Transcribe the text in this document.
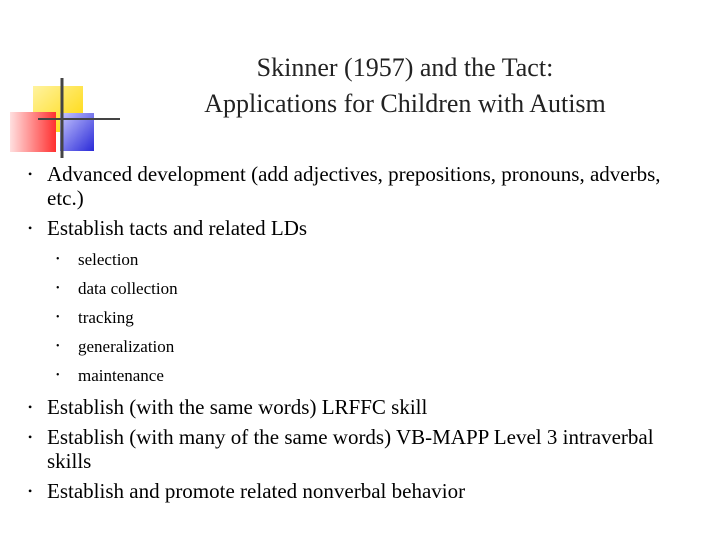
Skinner (1957) and the Tact:
Applications for Children with Autism
• Advanced development (add adjectives, prepositions, pronouns, adverbs, etc.)
• Establish tacts and related LDs
• selection
• data collection
• tracking
• generalization
• maintenance
• Establish (with the same words) LRFFC skill
• Establish (with many of the same words) VB-MAPP Level 3 intraverbal skills
• Establish and promote related nonverbal behavior
